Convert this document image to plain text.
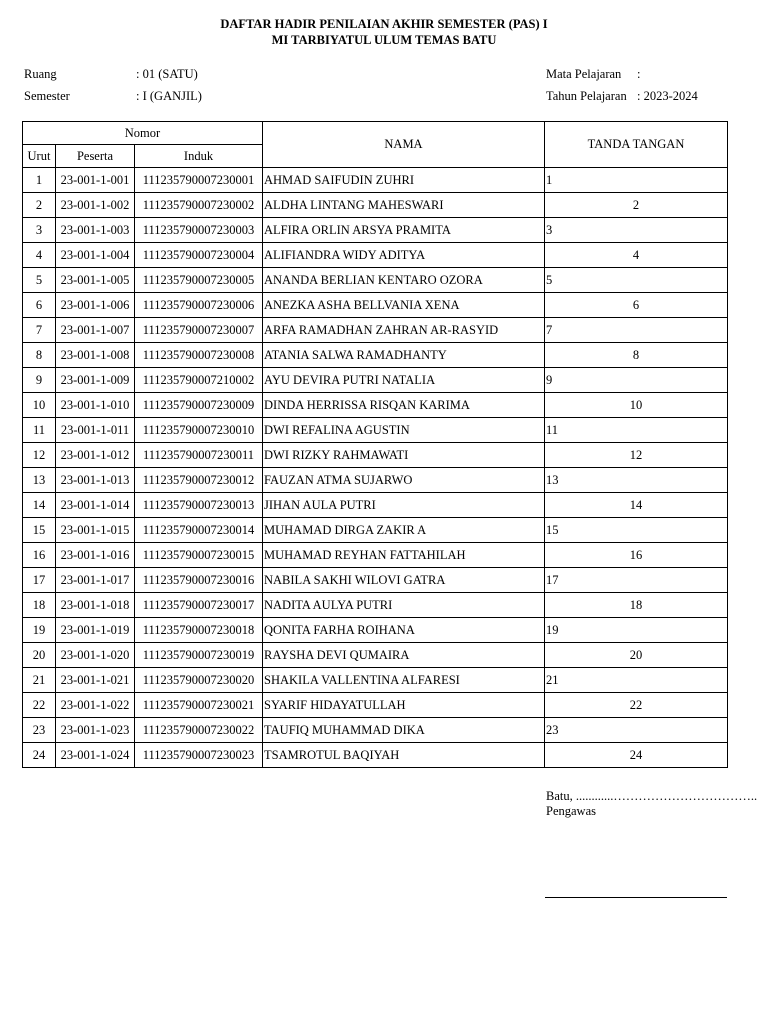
DAFTAR HADIR PENILAIAN AKHIR SEMESTER (PAS) I
MI TARBIYATUL ULUM TEMAS BATU
Ruang	: 01 (SATU)
Semester	: I (GANJIL)
Mata Pelajaran :
Tahun Pelajaran : 2023-2024
Nomor			NAMA	TANDA TANGAN
Urut	Peserta	Induk		
1	23-001-1-001	111235790007230001	AHMAD SAIFUDIN ZUHRI	1
2	23-001-1-002	111235790007230002	ALDHA LINTANG MAHESWARI	2
3	23-001-1-003	111235790007230003	ALFIRA ORLIN ARSYA PRAMITA	3
4	23-001-1-004	111235790007230004	ALIFIANDRA WIDY ADITYA	4
5	23-001-1-005	111235790007230005	ANANDA BERLIAN KENTARO OZORA	5
6	23-001-1-006	111235790007230006	ANEZKA ASHA BELLVANIA XENA	6
7	23-001-1-007	111235790007230007	ARFA RAMADHAN ZAHRAN AR-RASYID	7
8	23-001-1-008	111235790007230008	ATANIA SALWA RAMADHANTY	8
9	23-001-1-009	111235790007210002	AYU DEVIRA PUTRI NATALIA	9
10	23-001-1-010	111235790007230009	DINDA HERRISSA RISQAN KARIMA	10
11	23-001-1-011	111235790007230010	DWI REFALINA AGUSTIN	11
12	23-001-1-012	111235790007230011	DWI RIZKY RAHMAWATI	12
13	23-001-1-013	111235790007230012	FAUZAN ATMA SUJARWO	13
14	23-001-1-014	111235790007230013	JIHAN AULA PUTRI	14
15	23-001-1-015	111235790007230014	MUHAMAD DIRGA ZAKIR A	15
16	23-001-1-016	111235790007230015	MUHAMAD REYHAN FATTAHILAH	16
17	23-001-1-017	111235790007230016	NABILA SAKHI WILOVI GATRA	17
18	23-001-1-018	111235790007230017	NADITA AULYA PUTRI	18
19	23-001-1-019	111235790007230018	QONITA FARHA ROIHANA	19
20	23-001-1-020	111235790007230019	RAYSHA DEVI QUMAIRA	20
21	23-001-1-021	111235790007230020	SHAKILA VALLENTINA ALFARESI	21
22	23-001-1-022	111235790007230021	SYARIF HIDAYATULLAH	22
23	23-001-1-023	111235790007230022	TAUFIQ MUHAMMAD DIKA	23
24	23-001-1-024	111235790007230023	TSAMROTUL BAQIYAH	24
Batu, ............……………………………..
Pengawas
